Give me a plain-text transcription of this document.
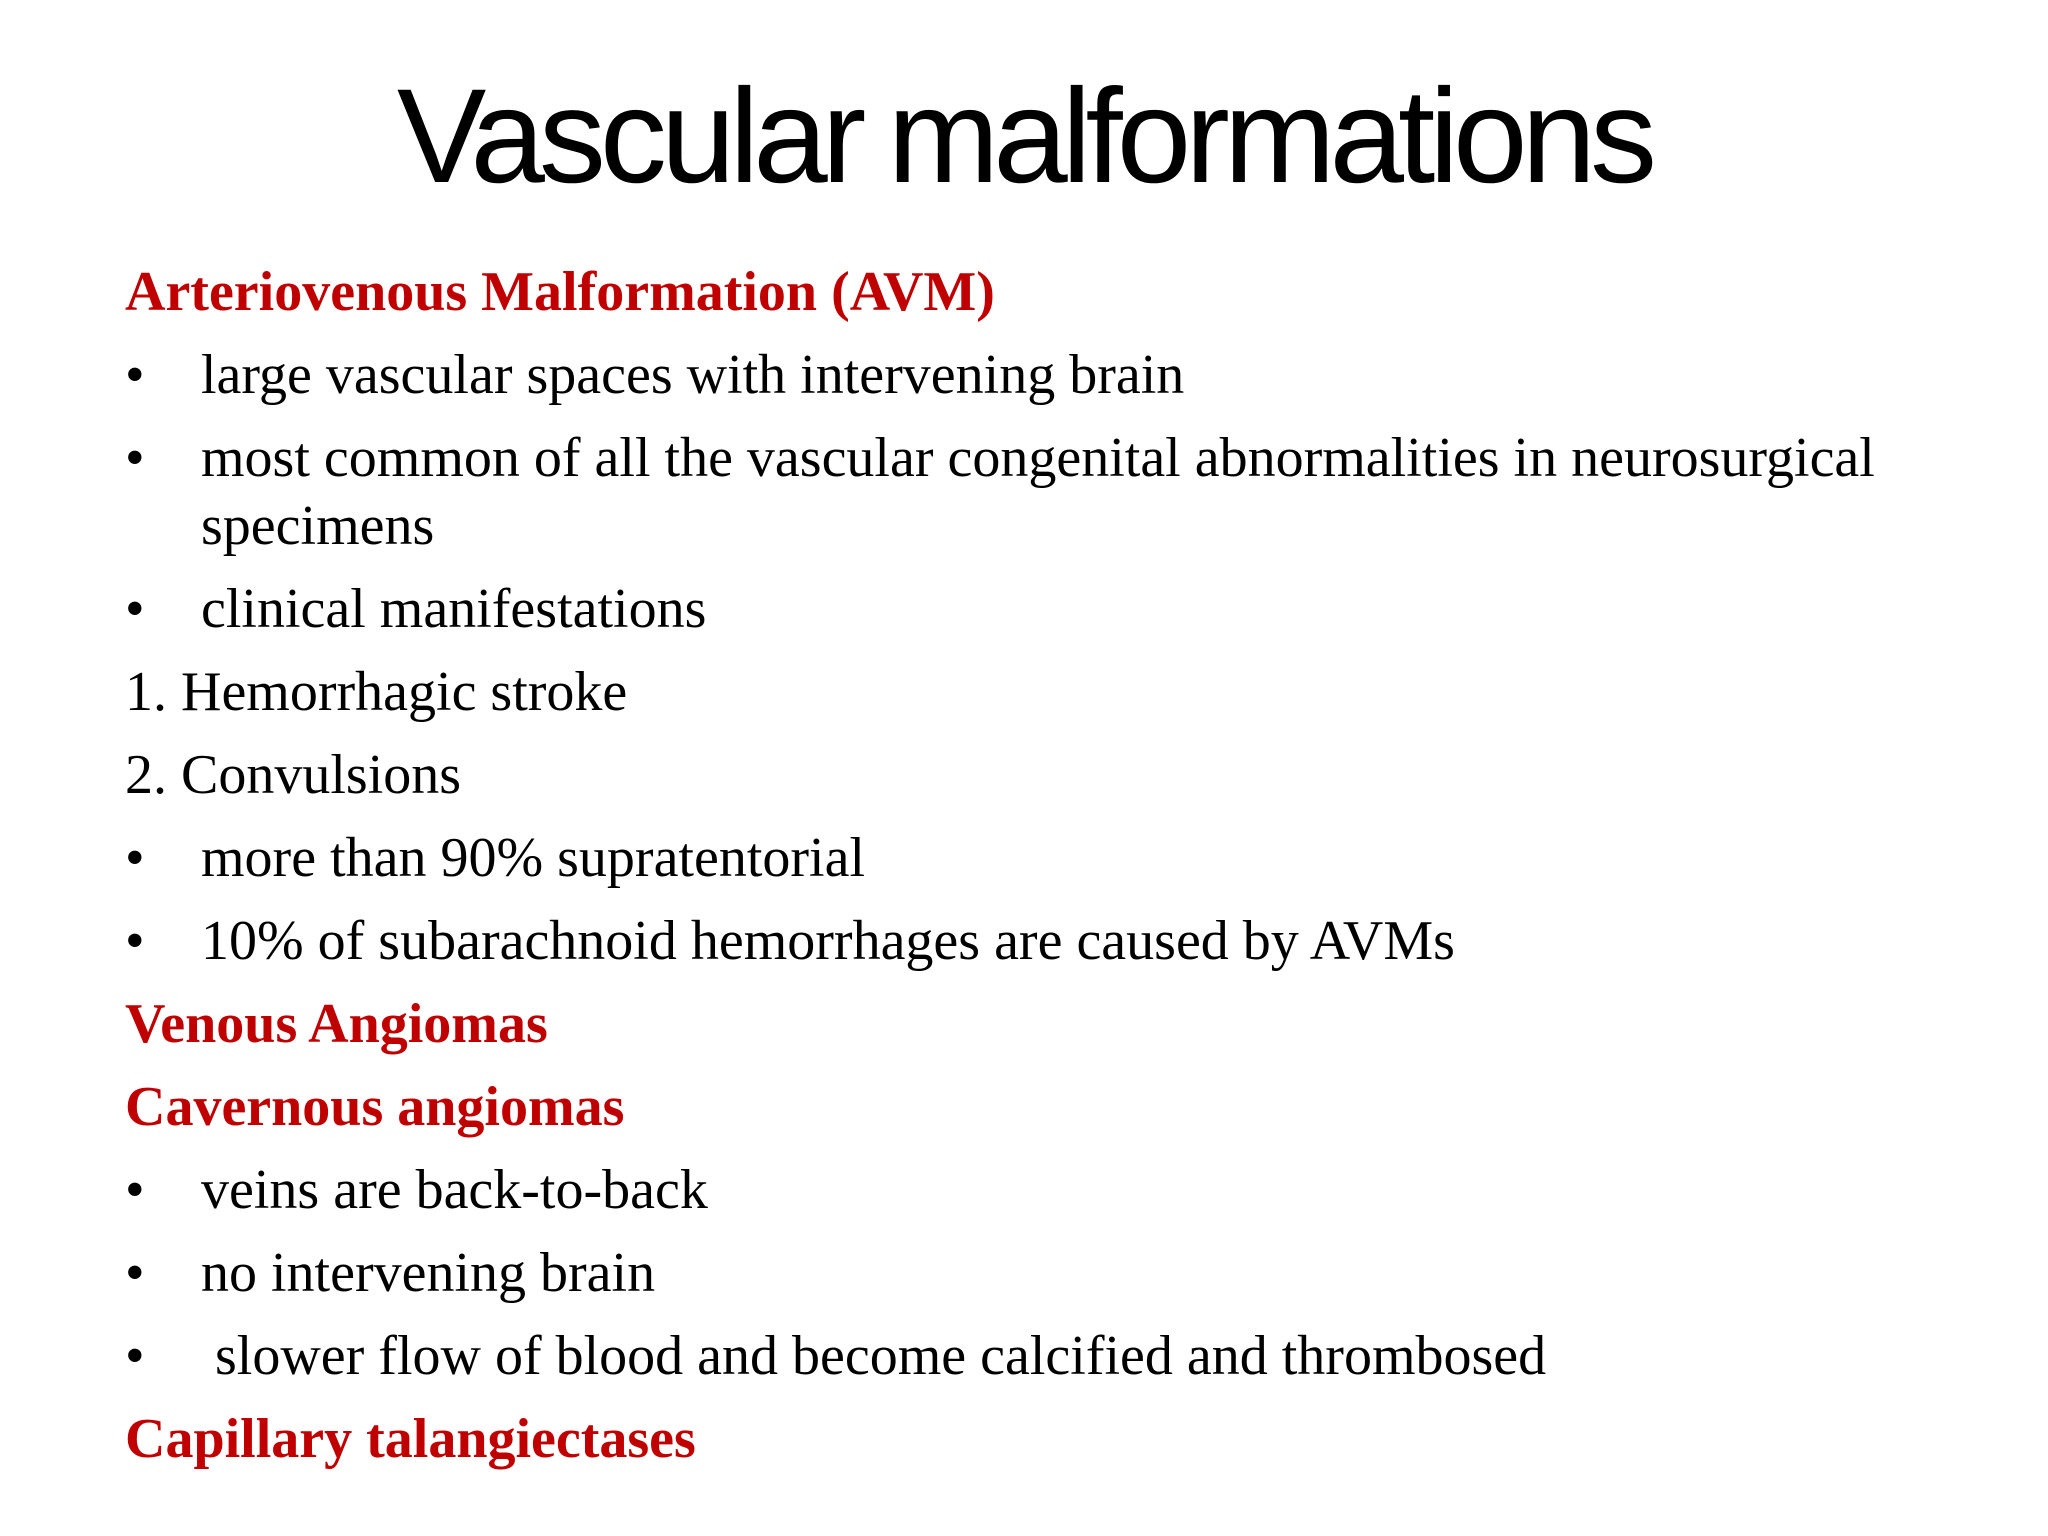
Vascular malformations

Arteriovenous Malformation (AVM)

• large vascular spaces with intervening brain

• most common of all the vascular congenital abnormalities in neurosurgical specimens

• clinical manifestations

1. Hemorrhagic stroke

2. Convulsions

• more than 90% supratentorial

• 10% of subarachnoid hemorrhages are caused by AVMs

Venous Angiomas

Cavernous angiomas

• veins are back-to-back

• no intervening brain

• slower flow of blood and become calcified and thrombosed

Capillary talangiectases
